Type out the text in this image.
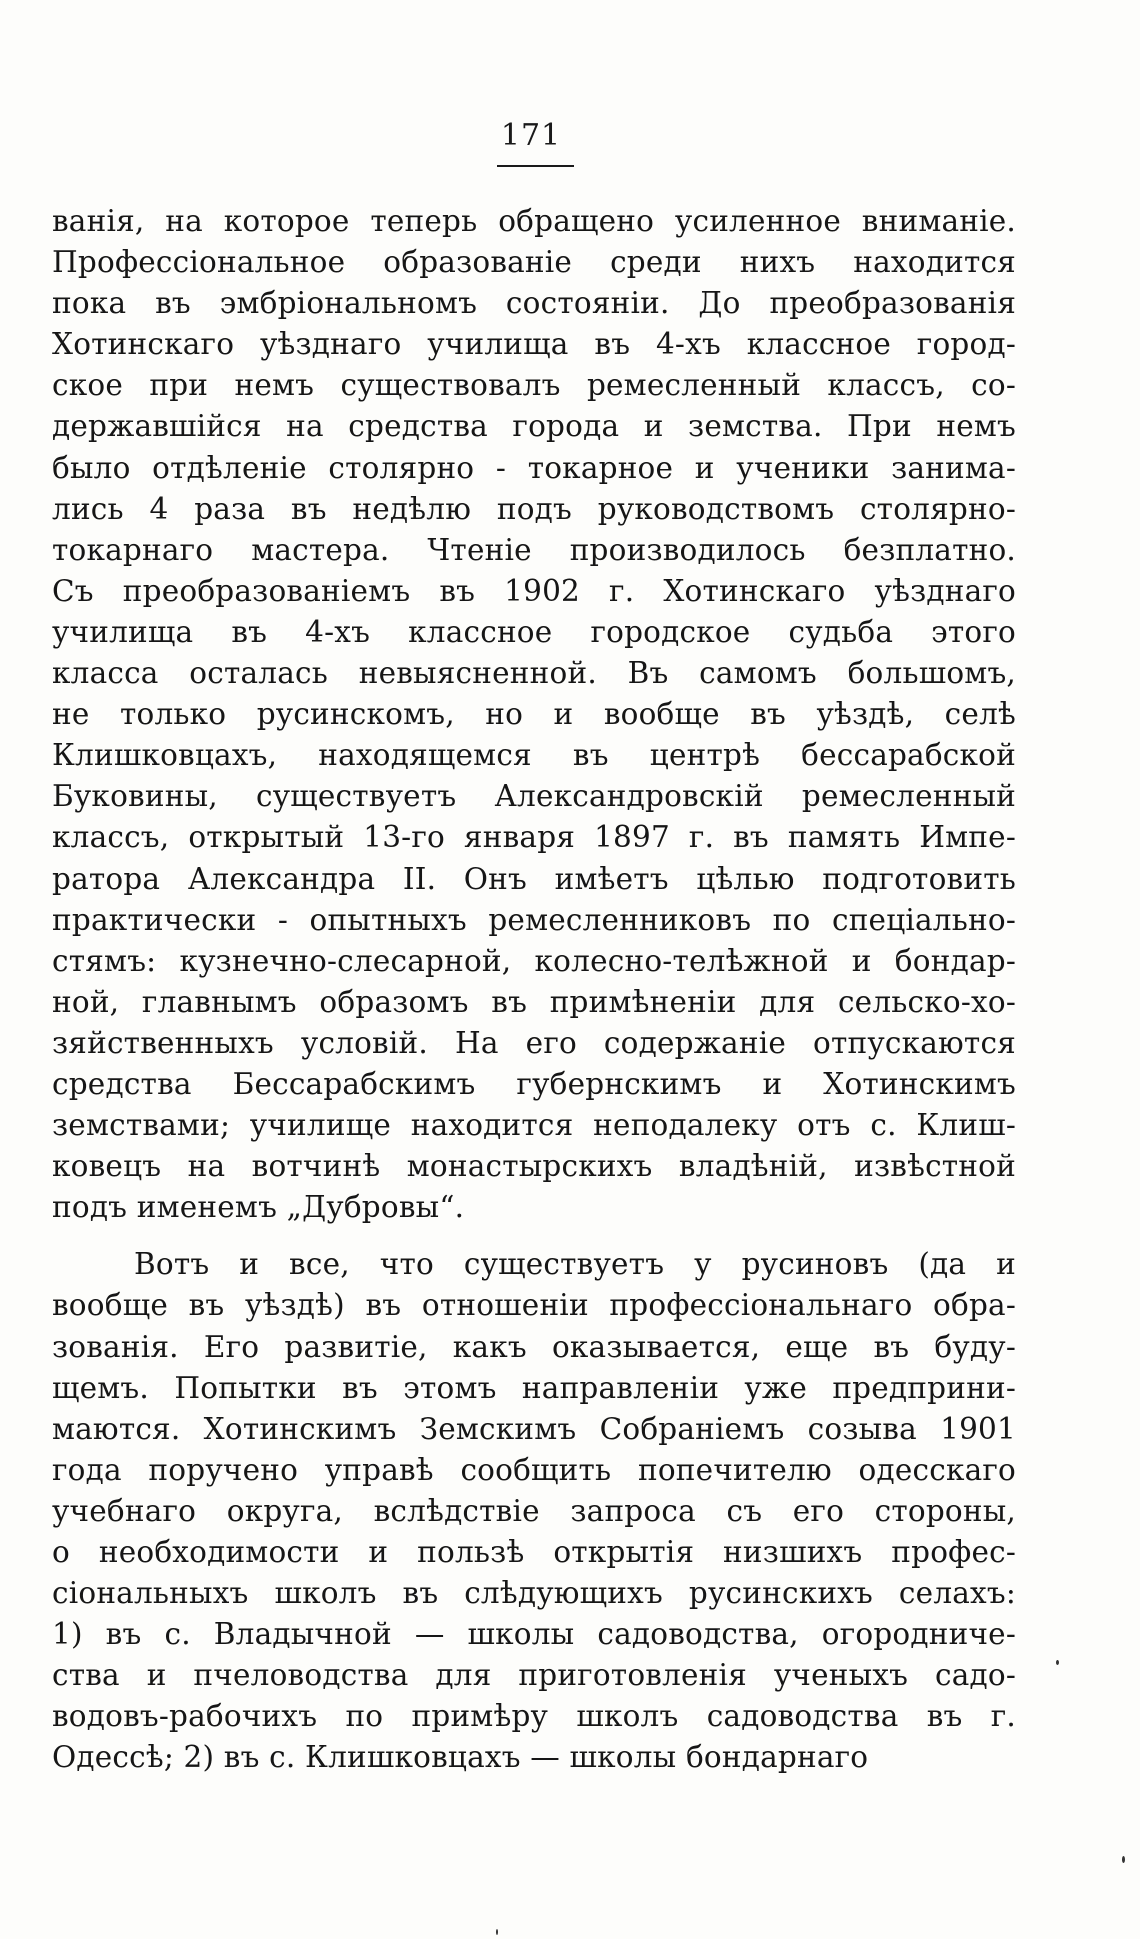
171
ванія, на которое теперь обращено усиленное вниманіе.
Профессіональное образованіе среди нихъ находится
пока въ эмбріональномъ состояніи. До преобразованія
Хотинскаго уѣзднаго училища въ 4-хъ классное город-
ское при немъ существовалъ ремесленный классъ, со-
державшійся на средства города и земства. При немъ
было отдѣленіе столярно - токарное и ученики занима-
лись 4 раза въ недѣлю подъ руководствомъ столярно-
токарнаго мастера. Чтеніе производилось безплатно.
Съ преобразованіемъ въ 1902 г. Хотинскаго уѣзднаго
училища въ 4-хъ классное городское судьба этого
класса осталась невыясненной. Въ самомъ большомъ,
не только русинскомъ, но и вообще въ уѣздѣ, селѣ
Клишковцахъ, находящемся въ центрѣ бессарабской
Буковины, существуетъ Александровскій ремесленный
классъ, открытый 13-го января 1897 г. въ память Импе-
ратора Александра II. Онъ имѣетъ цѣлью подготовить
практически - опытныхъ ремесленниковъ по спеціально-
стямъ: кузнечно-слесарной, колесно-телѣжной и бондар-
ной, главнымъ образомъ въ примѣненіи для сельско-хо-
зяйственныхъ условій. На его содержаніе отпускаются
средства Бессарабскимъ губернскимъ и Хотинскимъ
земствами; училище находится неподалеку отъ с. Клиш-
ковецъ на вотчинѣ монастырскихъ владѣній, извѣстной
подъ именемъ „Дубровы“.
Вотъ и все, что существуетъ у русиновъ (да и
вообще въ уѣздѣ) въ отношеніи профессіональнаго обра-
зованія. Его развитіе, какъ оказывается, еще въ буду-
щемъ. Попытки въ этомъ направленіи уже предприни-
маются. Хотинскимъ Земскимъ Собраніемъ созыва 1901
года поручено управѣ сообщить попечителю одесскаго
учебнаго округа, вслѣдствіе запроса съ его стороны,
о необходимости и пользѣ открытія низшихъ профес-
сіональныхъ школъ въ слѣдующихъ русинскихъ селахъ:
1) въ с. Владычной — школы садоводства, огородниче-
ства и пчеловодства для приготовленія ученыхъ садо-
водовъ-рабочихъ по примѣру школъ садоводства въ г.
Одессѣ; 2) въ с. Клишковцахъ — школы бондарнаго
